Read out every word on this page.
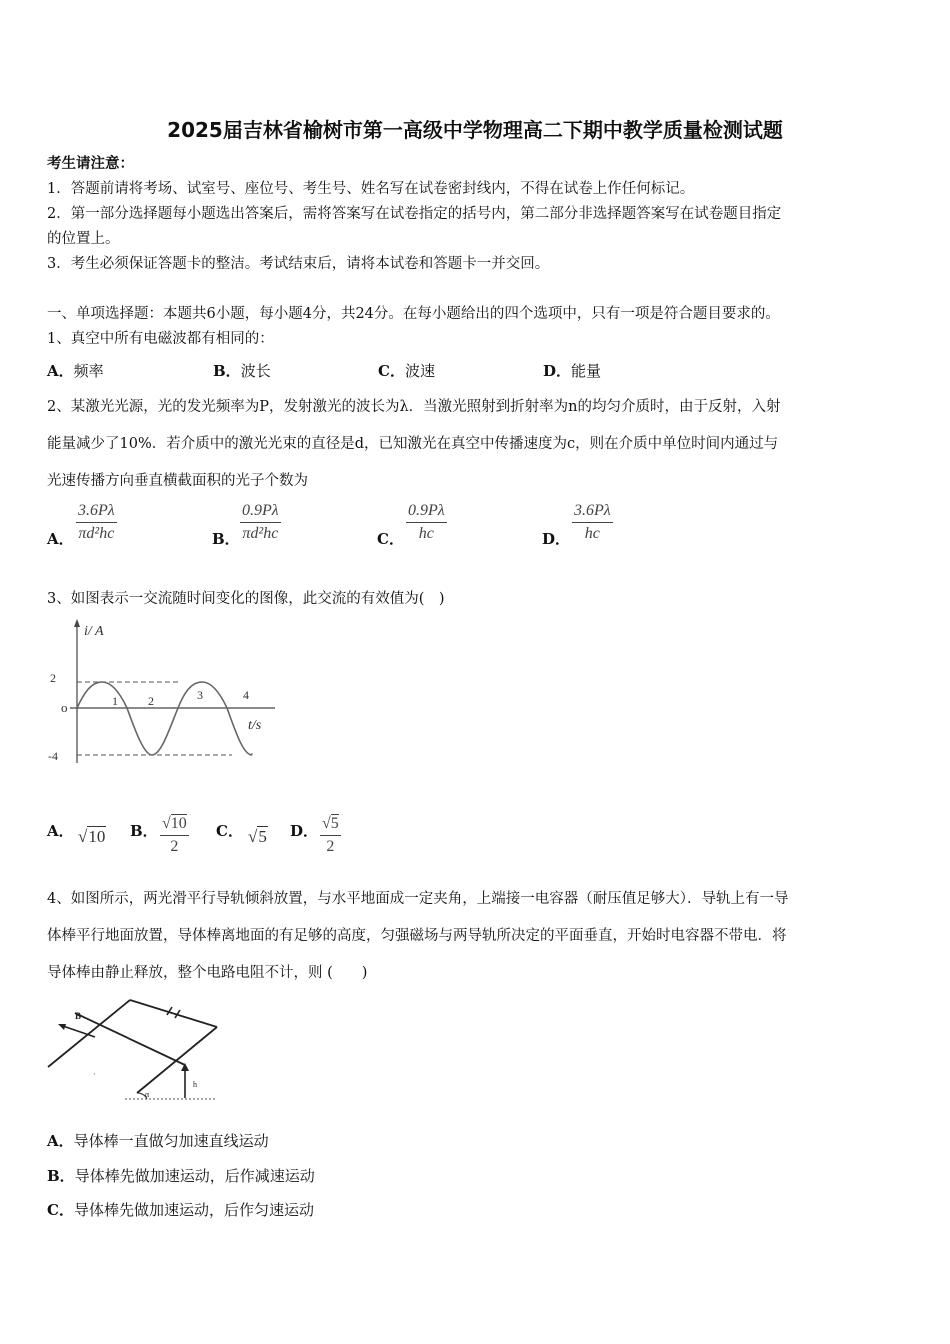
2025届吉林省榆树市第一高级中学物理高二下期中教学质量检测试题
考生请注意：
1．答题前请将考场、试室号、座位号、考生号、姓名写在试卷密封线内，不得在试卷上作任何标记。
2．第一部分选择题每小题选出答案后，需将答案写在试卷指定的括号内，第二部分非选择题答案写在试卷题目指定
的位置上。
3．考生必须保证答题卡的整洁。考试结束后，请将本试卷和答题卡一并交回。
一、单项选择题：本题共6小题，每小题4分，共24分。在每小题给出的四个选项中，只有一项是符合题目要求的。
1、真空中所有电磁波都有相同的：
A．频率	B．波长	C．波速	D．能量
2、某激光光源，光的发光频率为P，发射激光的波长为λ．当激光照射到折射率为n的均匀介质时，由于反射，入射
能量减少了10%．若介质中的激光光束的直径是d，已知激光在真空中传播速度为c，则在介质中单位时间内通过与
光速传播方向垂直横截面积的光子个数为
A． $\frac{3.6P\lambda}{\text{πd²hc}}$	B． $\frac{0.9P\lambda}{\text{πd²hc}}$	C． $\frac{0.9P\lambda}{hc}$	D． $\frac{3.6P\lambda}{hc}$
3、如图表示一交流随时间变化的图像，此交流的有效值为(　)
i/ A
2
o
-4
1	2	3	4
t/s
A． √10 B． $\frac{√10}{2}$ C． √5 D． $\frac{√5}{2}$
4、如图所示，两光滑平行导轨倾斜放置，与水平地面成一定夹角，上端接一电容器（耐压值足够大）．导轨上有一导
体棒平行地面放置，导体棒离地面的有足够的高度，匀强磁场与两导轨所决定的平面垂直，开始时电容器不带电．将
导体棒由静止释放，整个电路电阻不计，则 (　　)
B
h
·
α
A．导体棒一直做匀加速直线运动
B．导体棒先做加速运动，后作减速运动
C．导体棒先做加速运动，后作匀速运动
